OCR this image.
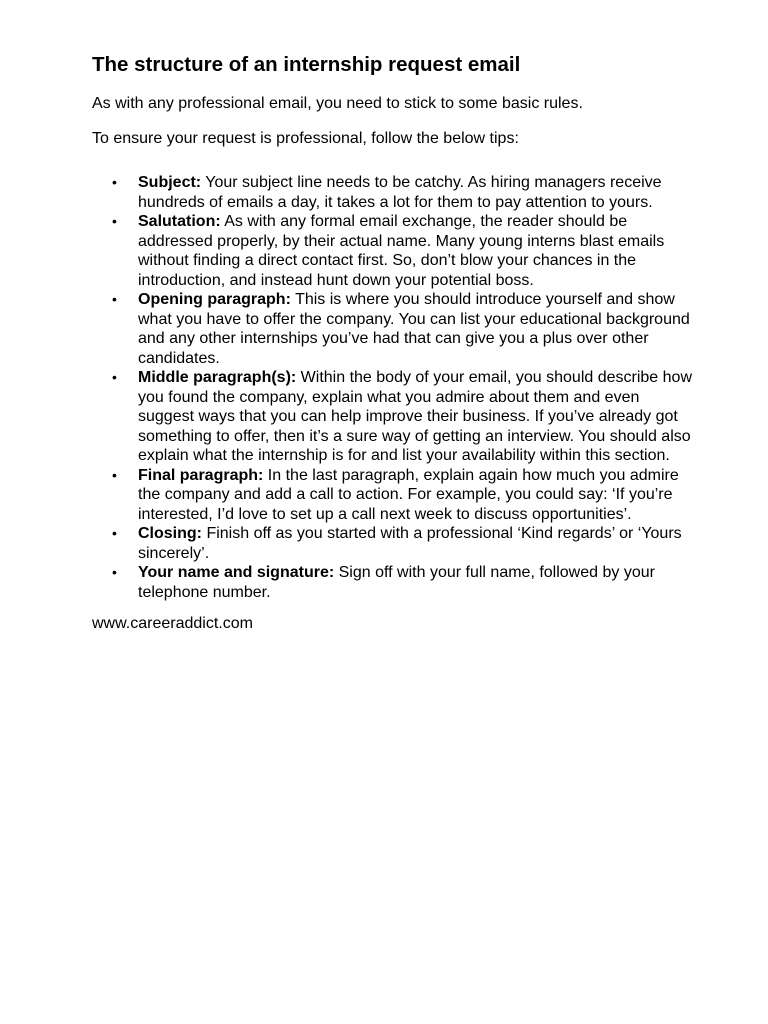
The structure of an internship request email

As with any professional email, you need to stick to some basic rules.

To ensure your request is professional, follow the below tips:

• Subject: Your subject line needs to be catchy. As hiring managers receive hundreds of emails a day, it takes a lot for them to pay attention to yours.
• Salutation: As with any formal email exchange, the reader should be addressed properly, by their actual name. Many young interns blast emails without finding a direct contact first. So, don’t blow your chances in the introduction, and instead hunt down your potential boss.
• Opening paragraph: This is where you should introduce yourself and show what you have to offer the company. You can list your educational background and any other internships you’ve had that can give you a plus over other candidates.
• Middle paragraph(s): Within the body of your email, you should describe how you found the company, explain what you admire about them and even suggest ways that you can help improve their business. If you’ve already got something to offer, then it’s a sure way of getting an interview. You should also explain what the internship is for and list your availability within this section.
• Final paragraph: In the last paragraph, explain again how much you admire the company and add a call to action. For example, you could say: ‘If you’re interested, I’d love to set up a call next week to discuss opportunities’.
• Closing: Finish off as you started with a professional ‘Kind regards’ or ‘Yours sincerely’.
• Your name and signature: Sign off with your full name, followed by your telephone number.

www.careeraddict.com
